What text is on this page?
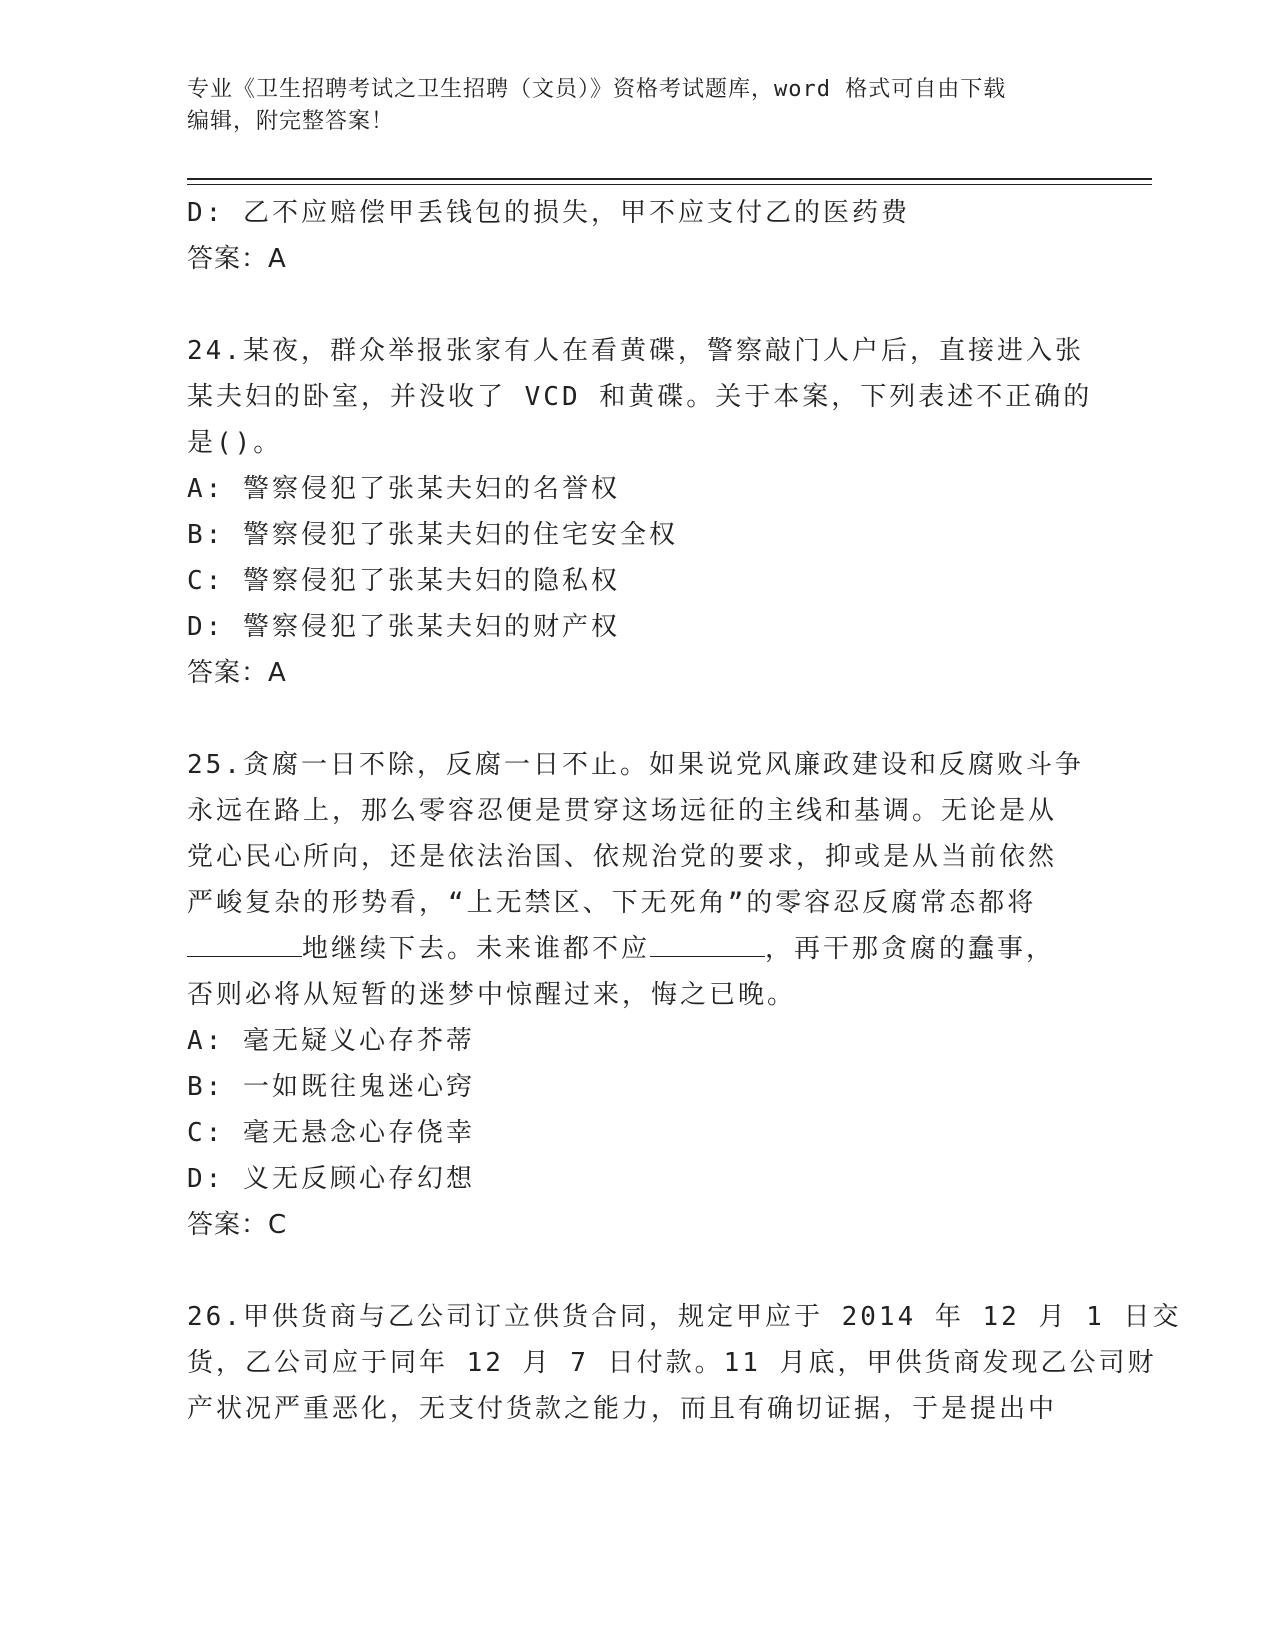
专业《卫生招聘考试之卫生招聘（文员）》资格考试题库，word 格式可自由下载
编辑，附完整答案！
D: 乙不应赔偿甲丢钱包的损失，甲不应支付乙的医药费
答案：A
24.某夜，群众举报张家有人在看黄碟，警察敲门人户后，直接进入张
某夫妇的卧室，并没收了 VCD 和黄碟。关于本案，下列表述不正确的
是()。
A: 警察侵犯了张某夫妇的名誉权
B: 警察侵犯了张某夫妇的住宅安全权
C: 警察侵犯了张某夫妇的隐私权
D: 警察侵犯了张某夫妇的财产权
答案：A
25.贪腐一日不除，反腐一日不止。如果说党风廉政建设和反腐败斗争
永远在路上，那么零容忍便是贯穿这场远征的主线和基调。无论是从
党心民心所向，还是依法治国、依规治党的要求，抑或是从当前依然
严峻复杂的形势看，“上无禁区、下无死角”的零容忍反腐常态都将
地继续下去。未来谁都不应	，再干那贪腐的蠢事，
否则必将从短暂的迷梦中惊醒过来，悔之已晚。
A: 毫无疑义心存芥蒂
B: 一如既往鬼迷心窍
C: 毫无悬念心存侥幸
D: 义无反顾心存幻想
答案：C
26.甲供货商与乙公司订立供货合同，规定甲应于 2014 年 12 月 1 日交
货，乙公司应于同年 12 月 7 日付款。11 月底，甲供货商发现乙公司财
产状况严重恶化，无支付货款之能力，而且有确切证据，于是提出中
